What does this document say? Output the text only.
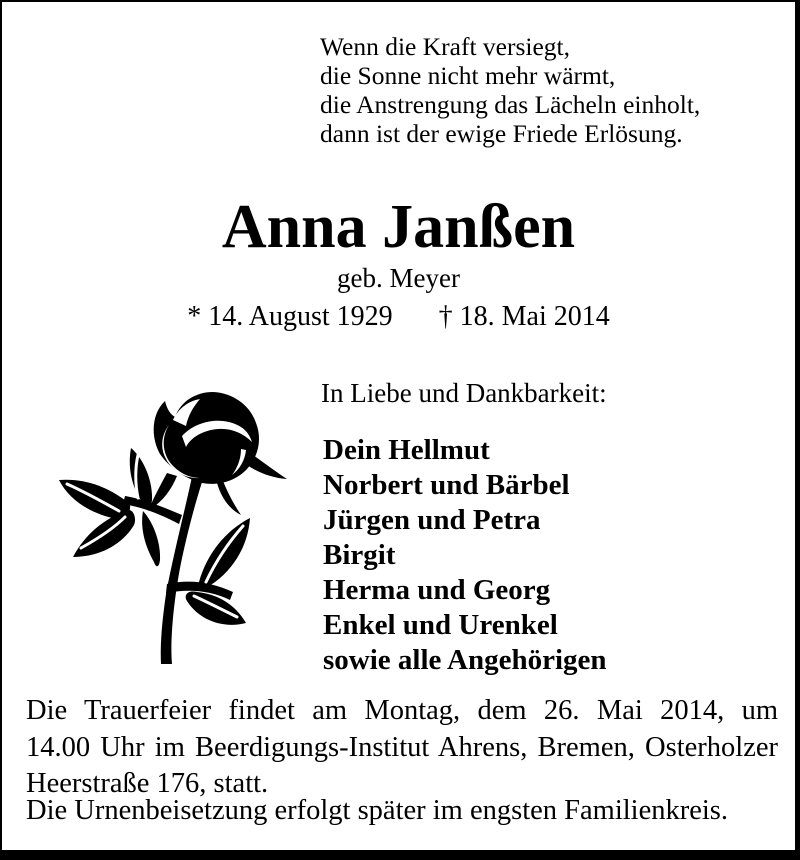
Wenn die Kraft versiegt,
die Sonne nicht mehr wärmt,
die Anstrengung das Lächeln einholt,
dann ist der ewige Friede Erlösung.
Anna Janßen
geb. Meyer
* 14. August 1929 † 18. Mai 2014
In Liebe und Dankbarkeit:
Dein Hellmut
Norbert und Bärbel
Jürgen und Petra
Birgit
Herma und Georg
Enkel und Urenkel
sowie alle Angehörigen
Die Trauerfeier findet am Montag, dem 26. Mai 2014, um
14.00 Uhr im Beerdigungs-Institut Ahrens, Bremen, Osterholzer
Heerstraße 176, statt.
Die Urnenbeisetzung erfolgt später im engsten Familienkreis.
